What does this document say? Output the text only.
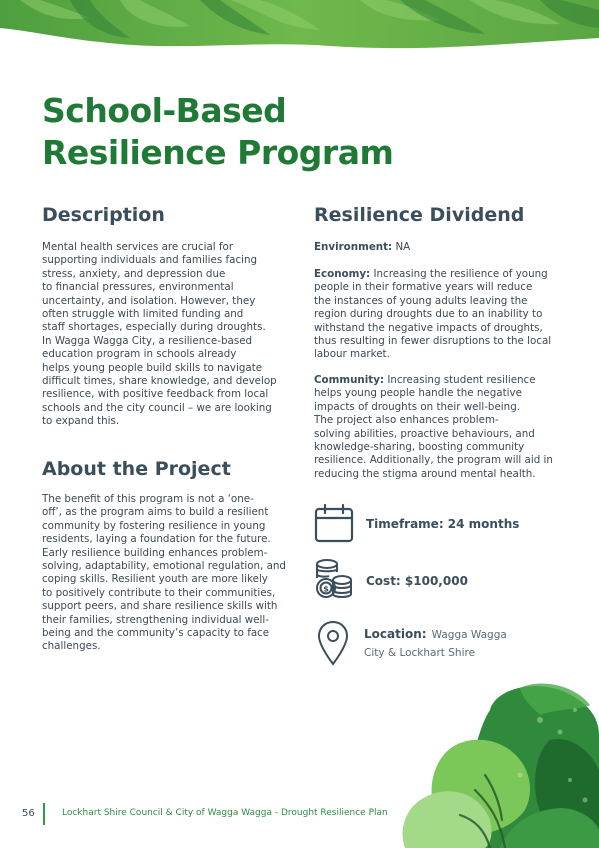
School-Based
Resilience Program
Description
Mental health services are crucial for
supporting individuals and families facing
stress, anxiety, and depression due
to financial pressures, environmental
uncertainty, and isolation. However, they
often struggle with limited funding and
staff shortages, especially during droughts.
In Wagga Wagga City, a resilience-based
education program in schools already
helps young people build skills to navigate
difficult times, share knowledge, and develop
resilience, with positive feedback from local
schools and the city council – we are looking
to expand this.
About the Project
The benefit of this program is not a ‘one-
off’, as the program aims to build a resilient
community by fostering resilience in young
residents, laying a foundation for the future.
Early resilience building enhances problem-
solving, adaptability, emotional regulation, and
coping skills. Resilient youth are more likely
to positively contribute to their communities,
support peers, and share resilience skills with
their families, strengthening individual well-
being and the community’s capacity to face
challenges.
Resilience Dividend
Environment: NA
Economy: Increasing the resilience of young
people in their formative years will reduce
the instances of young adults leaving the
region during droughts due to an inability to
withstand the negative impacts of droughts,
thus resulting in fewer disruptions to the local
labour market.
Community: Increasing student resilience
helps young people handle the negative
impacts of droughts on their well-being.
The project also enhances problem-
solving abilities, proactive behaviours, and
knowledge-sharing, boosting community
resilience. Additionally, the program will aid in
reducing the stigma around mental health.
Timeframe: 24 months
$
Cost: $100,000
Location: Wagga Wagga
City & Lockhart Shire
56	Lockhart Shire Council & City of Wagga Wagga - Drought Resilience Plan
